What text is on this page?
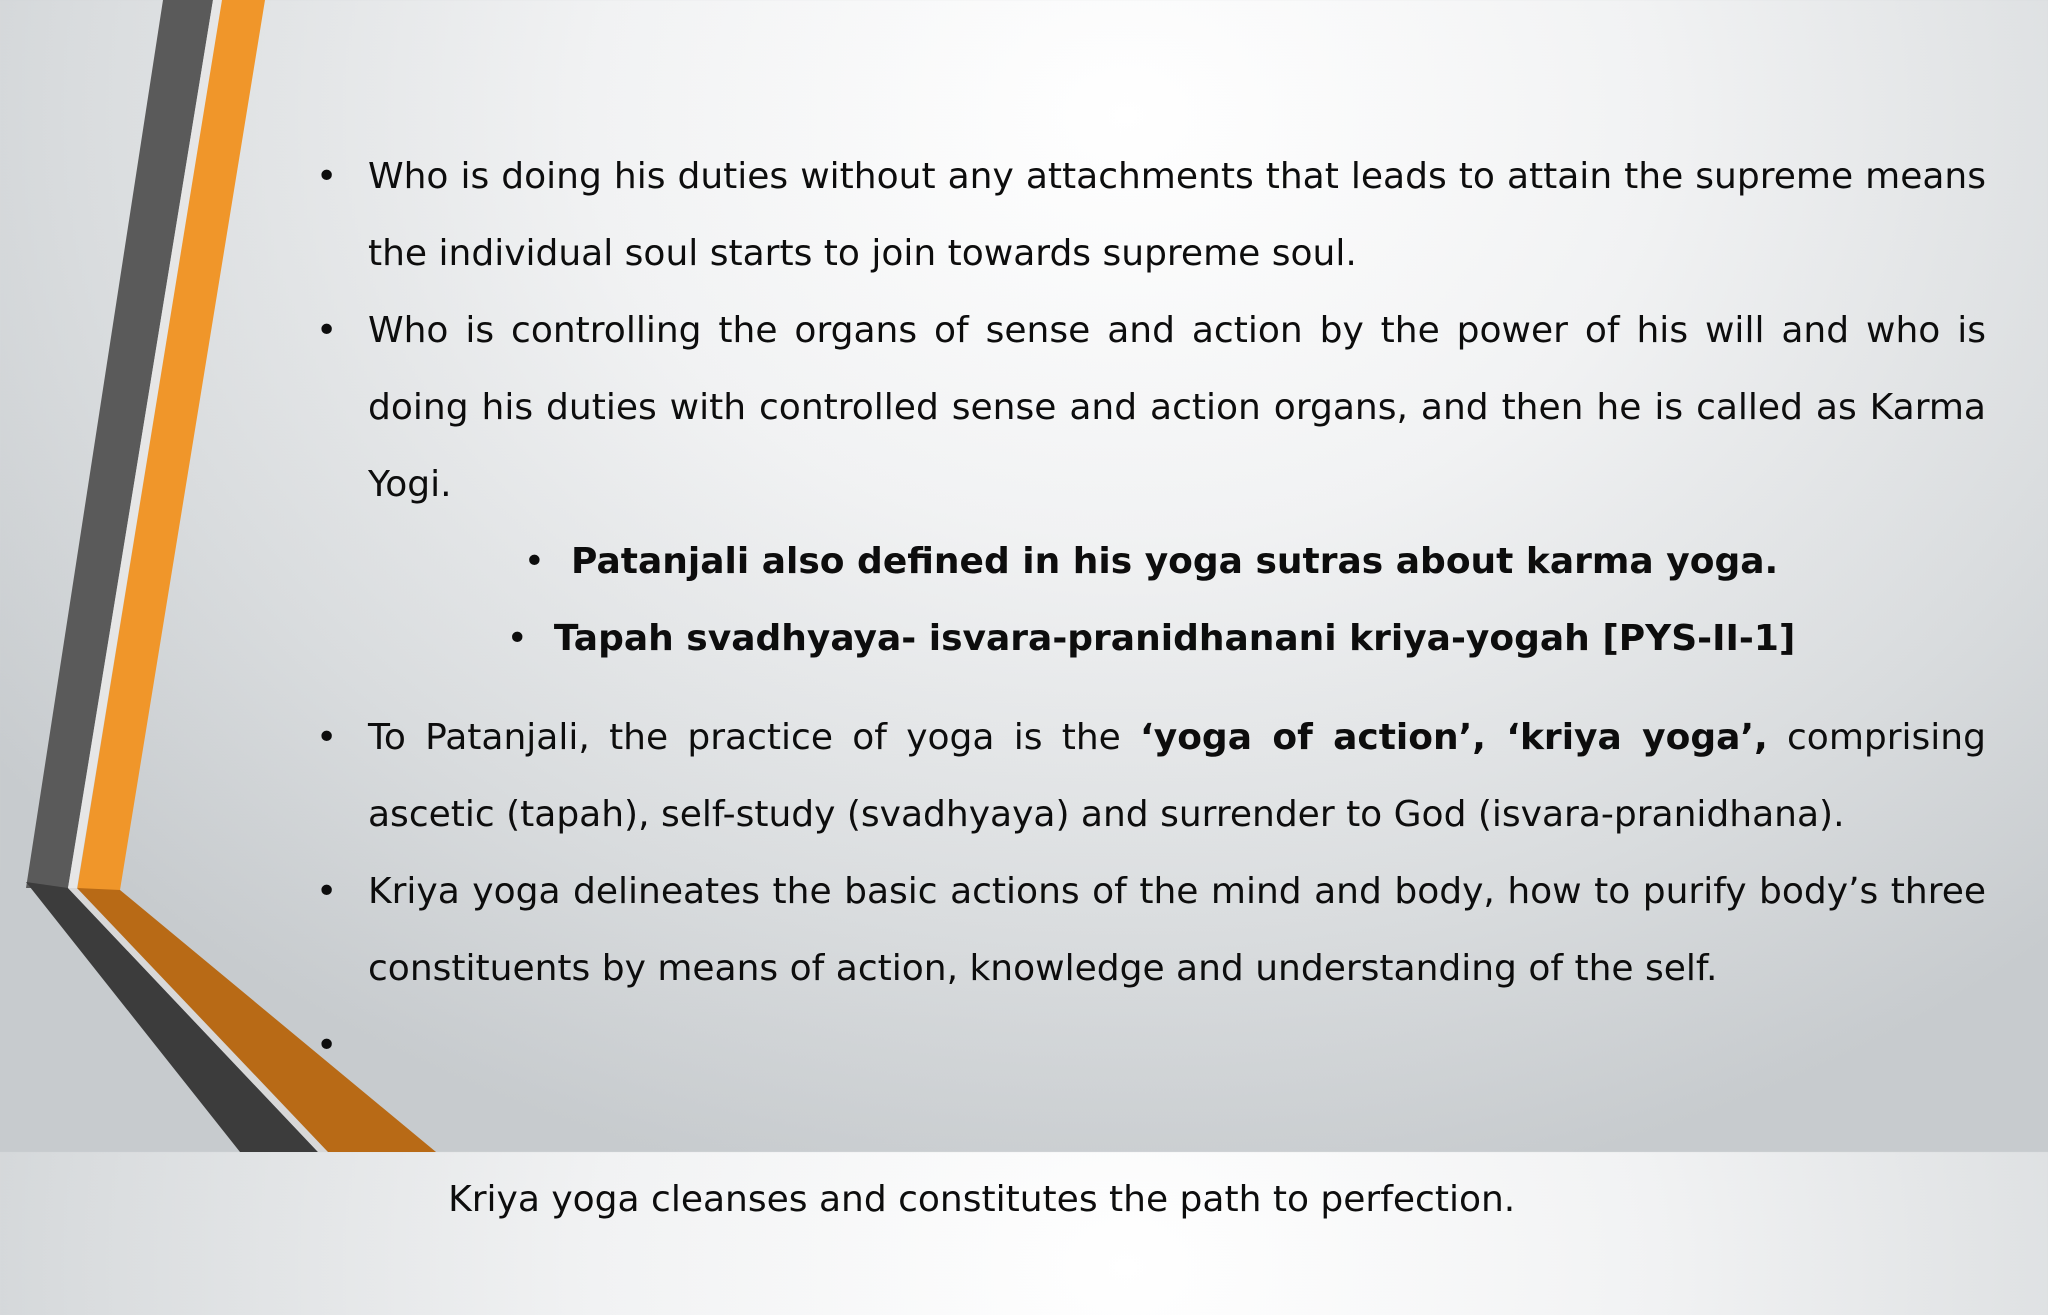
• Who is doing his duties without any attachments that leads to attain the supreme means the individual soul starts to join towards supreme soul.
• Who is controlling the organs of sense and action by the power of his will and who is doing his duties with controlled sense and action organs, and then he is called as Karma Yogi.
• Patanjali also defined in his yoga sutras about karma yoga.
• Tapah svadhyaya- isvara-pranidhanani kriya-yogah [PYS-II-1]
• To Patanjali, the practice of yoga is the ‘yoga of action’, ‘kriya yoga’, comprising ascetic (tapah), self-study (svadhyaya) and surrender to God (isvara-pranidhana).
• Kriya yoga delineates the basic actions of the mind and body, how to purify body’s three constituents by means of action, knowledge and understanding of the self.

•

Kriya yoga cleanses and constitutes the path to perfection.
